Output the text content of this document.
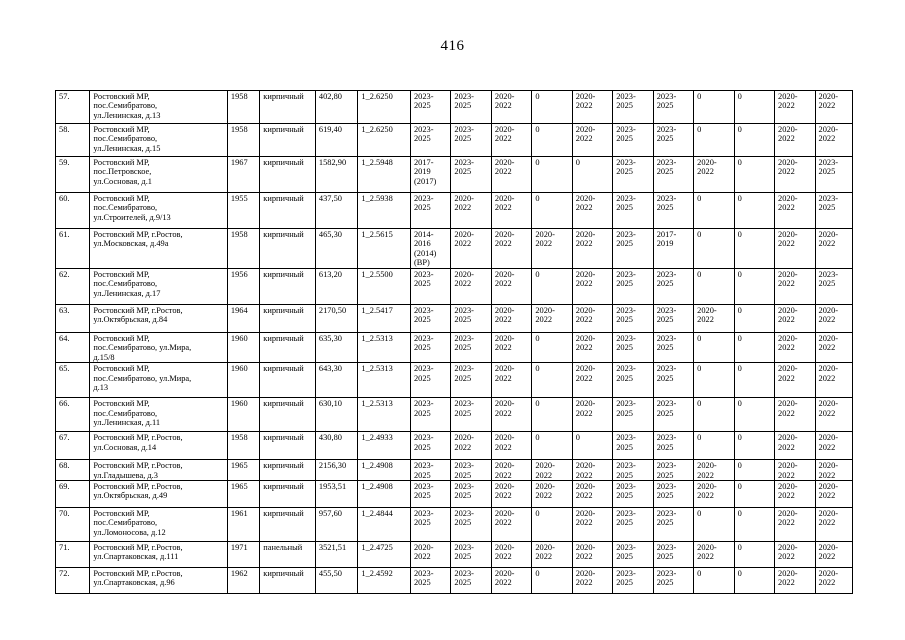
416
57.	Ростовский МР,
пос.Семибратово,
ул.Ленинская, д.13	1958	кирпичный	402,80	1_2.6250	2023-
2025	2023-
2025	2020-
2022	0	2020-
2022	2023-
2025	2023-
2025	0	0	2020-
2022	2020-
2022
58.	Ростовский МР,
пос.Семибратово,
ул.Ленинская, д.15	1958	кирпичный	619,40	1_2.6250	2023-
2025	2023-
2025	2020-
2022	0	2020-
2022	2023-
2025	2023-
2025	0	0	2020-
2022	2020-
2022
59.	Ростовский МР,
пос.Петровское,
ул.Сосновая, д.1	1967	кирпичный	1582,90	1_2.5948	2017-
2019
(2017)	2023-
2025	2020-
2022	0	0	2023-
2025	2023-
2025	2020-
2022	0	2020-
2022	2023-
2025
60.	Ростовский МР,
пос.Семибратово,
ул.Строителей, д.9/13	1955	кирпичный	437,50	1_2.5938	2023-
2025	2020-
2022	2020-
2022	0	2020-
2022	2023-
2025	2023-
2025	0	0	2020-
2022	2023-
2025
61.	Ростовский МР, г.Ростов,
ул.Московская, д.49а	1958	кирпичный	465,30	1_2.5615	2014-
2016
(2014)
(ВР)	2020-
2022	2020-
2022	2020-
2022	2020-
2022	2023-
2025	2017-
2019	0	0	2020-
2022	2020-
2022
62.	Ростовский МР,
пос.Семибратово,
ул.Ленинская, д.17	1956	кирпичный	613,20	1_2.5500	2023-
2025	2020-
2022	2020-
2022	0	2020-
2022	2023-
2025	2023-
2025	0	0	2020-
2022	2023-
2025
63.	Ростовский МР, г.Ростов,
ул.Октябрьская, д.84	1964	кирпичный	2170,50	1_2.5417	2023-
2025	2023-
2025	2020-
2022	2020-
2022	2020-
2022	2023-
2025	2023-
2025	2020-
2022	0	2020-
2022	2020-
2022
64.	Ростовский МР,
пос.Семибратово, ул.Мира,
д.15/8	1960	кирпичный	635,30	1_2.5313	2023-
2025	2023-
2025	2020-
2022	0	2020-
2022	2023-
2025	2023-
2025	0	0	2020-
2022	2020-
2022
65.	Ростовский МР,
пос.Семибратово, ул.Мира,
д.13	1960	кирпичный	643,30	1_2.5313	2023-
2025	2023-
2025	2020-
2022	0	2020-
2022	2023-
2025	2023-
2025	0	0	2020-
2022	2020-
2022
66.	Ростовский МР,
пос.Семибратово,
ул.Ленинская, д.11	1960	кирпичный	630,10	1_2.5313	2023-
2025	2023-
2025	2020-
2022	0	2020-
2022	2023-
2025	2023-
2025	0	0	2020-
2022	2020-
2022
67.	Ростовский МР, г.Ростов,
ул.Сосновая, д.14	1958	кирпичный	430,80	1_2.4933	2023-
2025	2020-
2022	2020-
2022	0	0	2023-
2025	2023-
2025	0	0	2020-
2022	2020-
2022
68.	Ростовский МР, г.Ростов,
ул.Гладышева, д.3	1965	кирпичный	2156,30	1_2.4908	2023-
2025	2023-
2025	2020-
2022	2020-
2022	2020-
2022	2023-
2025	2023-
2025	2020-
2022	0	2020-
2022	2020-
2022
69.	Ростовский МР, г.Ростов,
ул.Октябрьская, д.49	1965	кирпичный	1953,51	1_2.4908	2023-
2025	2023-
2025	2020-
2022	2020-
2022	2020-
2022	2023-
2025	2023-
2025	2020-
2022	0	2020-
2022	2020-
2022
70.	Ростовский МР,
пос.Семибратово,
ул.Ломоносова, д.12	1961	кирпичный	957,60	1_2.4844	2023-
2025	2023-
2025	2020-
2022	0	2020-
2022	2023-
2025	2023-
2025	0	0	2020-
2022	2020-
2022
71.	Ростовский МР, г.Ростов,
ул.Спартаковская, д.111	1971	панельный	3521,51	1_2.4725	2020-
2022	2023-
2025	2020-
2022	2020-
2022	2020-
2022	2023-
2025	2023-
2025	2020-
2022	0	2020-
2022	2020-
2022
72.	Ростовский МР, г.Ростов,
ул.Спартаковская, д.96	1962	кирпичный	455,50	1_2.4592	2023-
2025	2023-
2025	2020-
2022	0	2020-
2022	2023-
2025	2023-
2025	0	0	2020-
2022	2020-
2022
